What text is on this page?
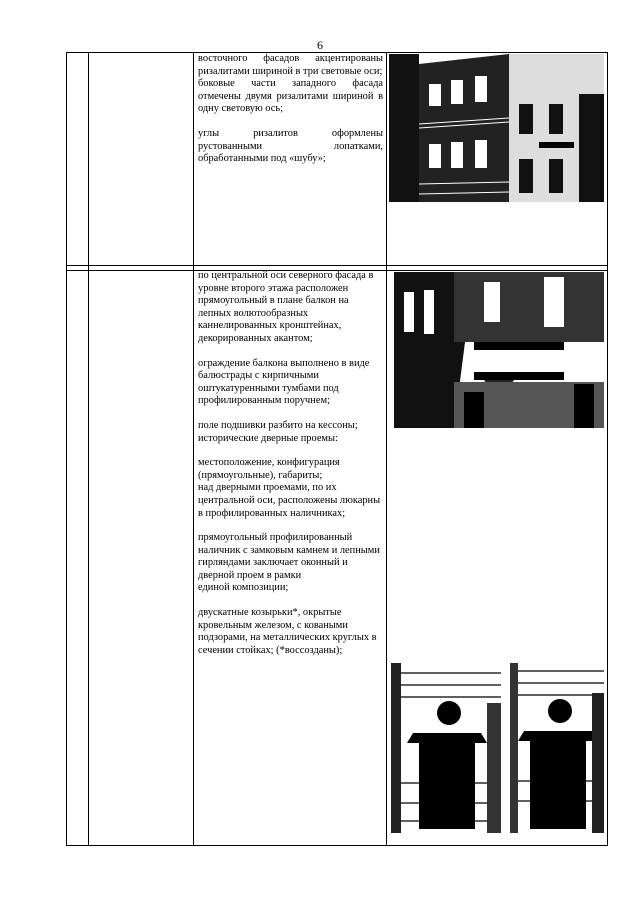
6

восточного фасадов акцентированы ризалитами шириной в три световые оси;

боковые части западного фасада отмечены двумя ризалитами шириной в одну световую ось;

углы ризалитов оформлены рустованными лопатками, обработанными под «шубу»;

по центральной оси северного фасада в уровне второго этажа расположен прямоугольный в плане балкон на лепных волютообразных каннелированных кронштейнах, декорированных акантом;

ограждение балкона выполнено в виде балюстрады с кирпичными оштукатуренными тумбами под профилированным поручнем;

поле подшивки разбито на кессоны;

исторические дверные проемы:

местоположение, конфигурация (прямоугольные), габариты;

над дверными проемами, по их центральной оси, расположены люкарны в профилированных наличниках;

прямоугольный профилированный наличник с замковым камнем и лепными гирляндами заключает оконный и дверной проем в рамки

единой композиции;

двускатные козырьки*, окрытые кровельным железом, с коваными подзорами, на металлических круглых в сечении стойках; (*воссозданы);
